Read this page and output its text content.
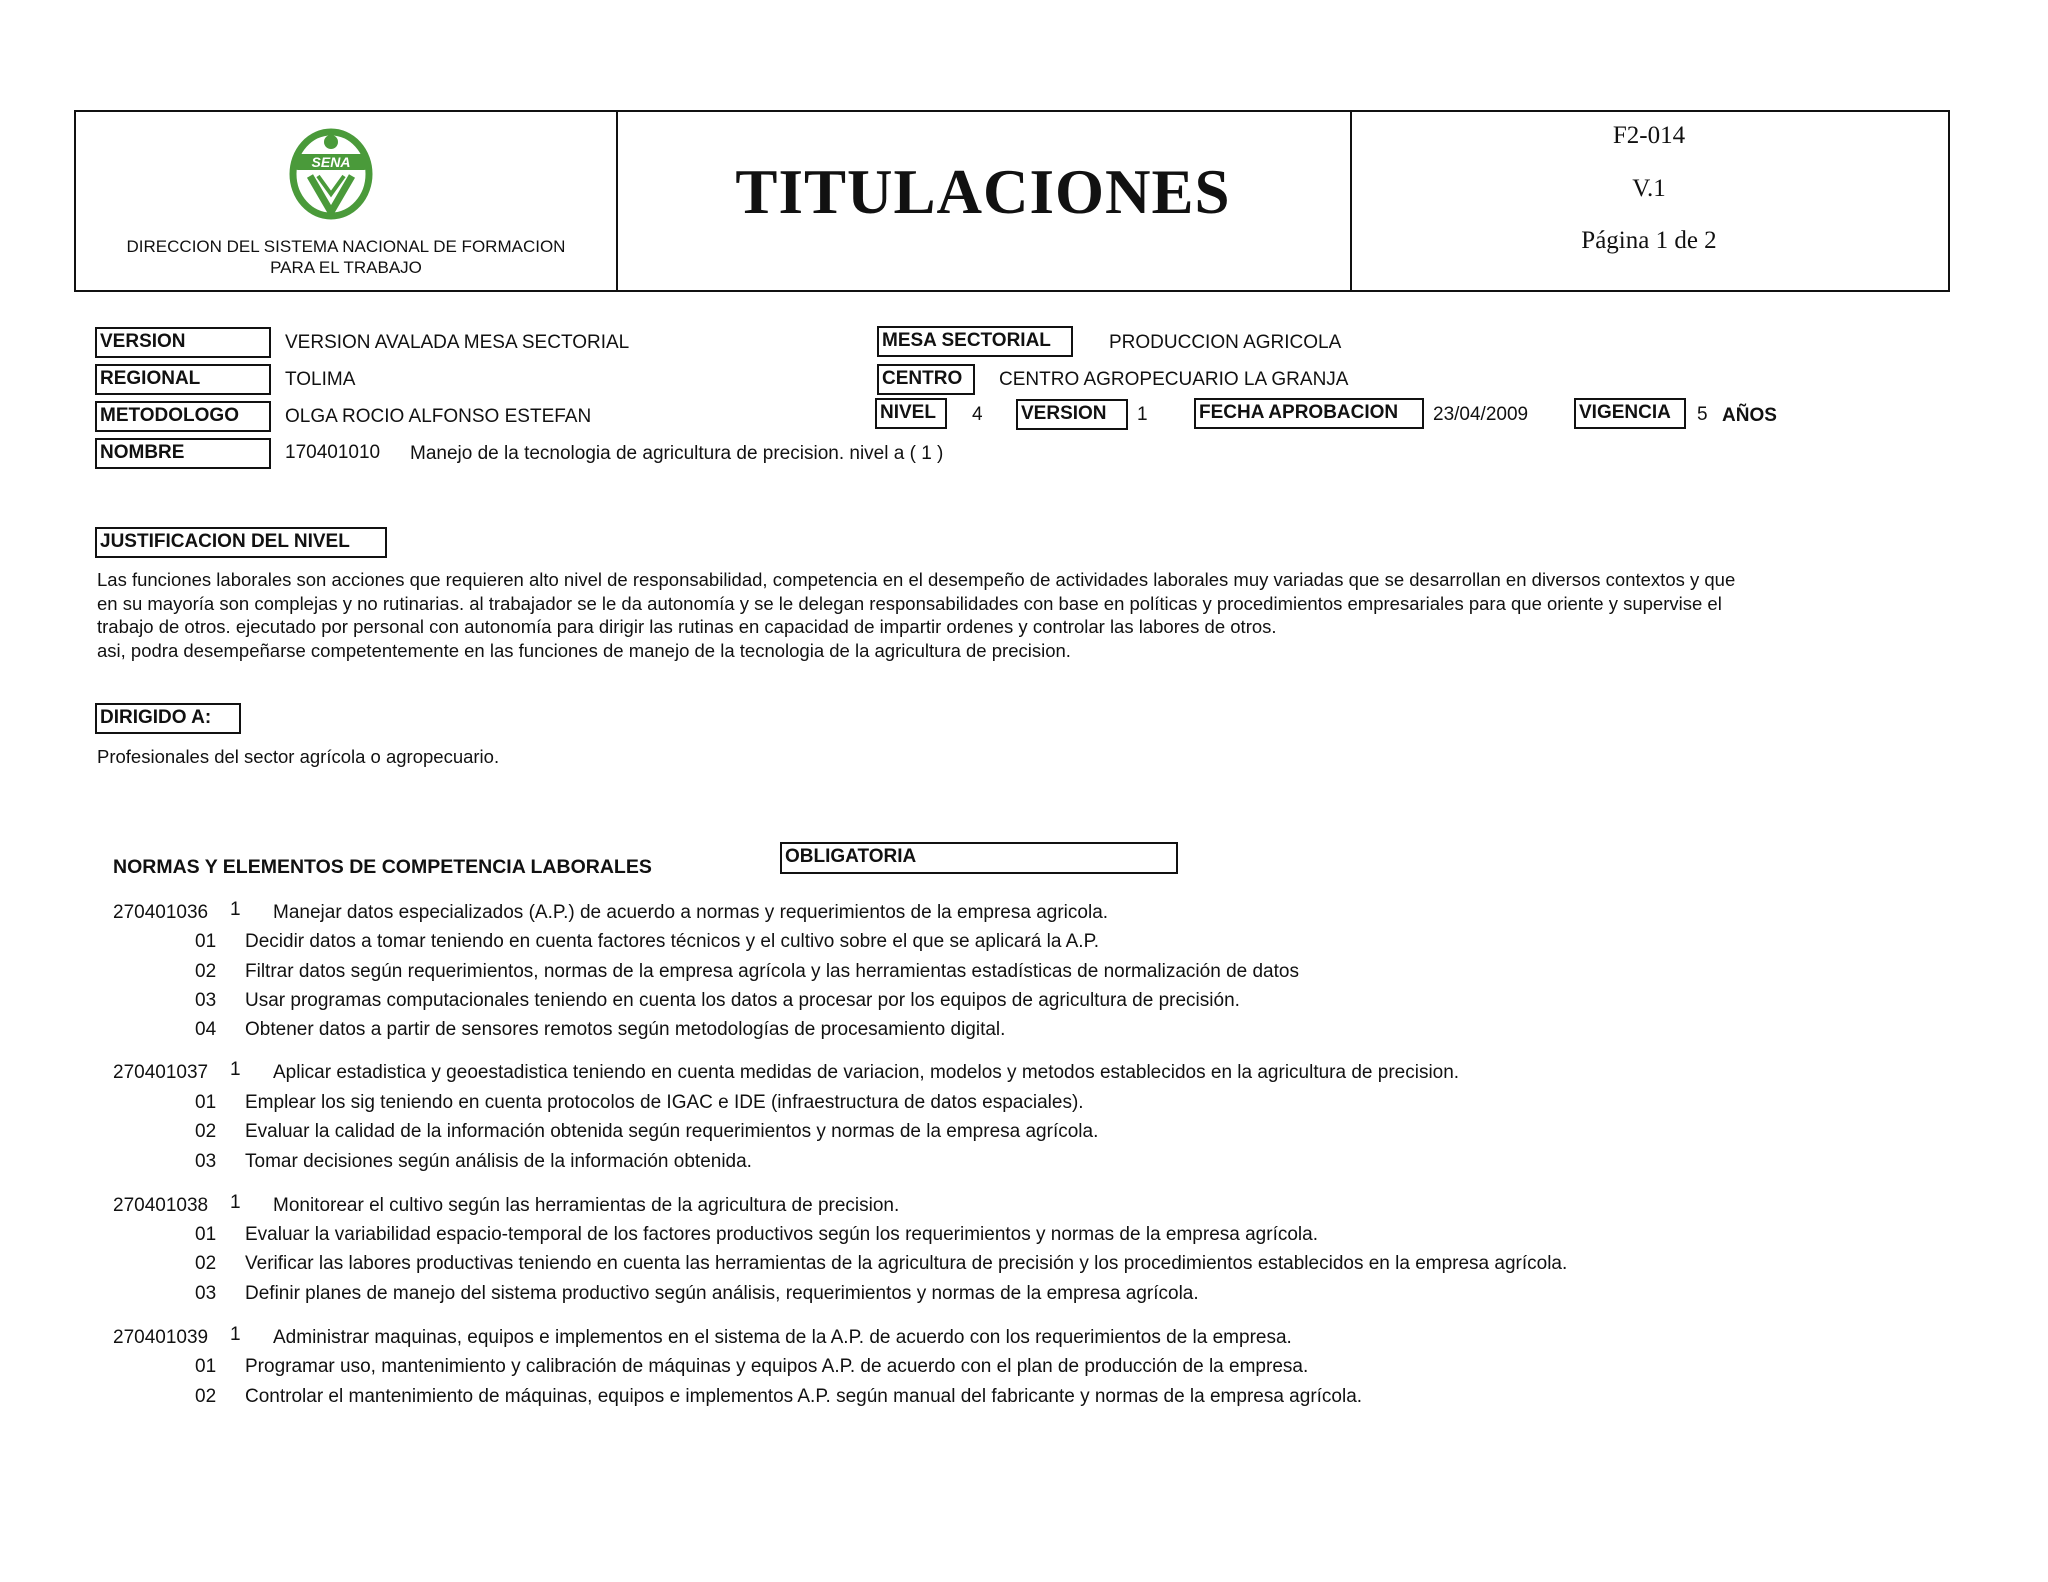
SENA
DIRECCION DEL SISTEMA NACIONAL DE FORMACION
PARA EL TRABAJO
TITULACIONES
F2-014
V.1
Página 1 de 2
VERSION	VERSION AVALADA MESA SECTORIAL	MESA SECTORIAL	PRODUCCION AGRICOLA
REGIONAL	TOLIMA	CENTRO	CENTRO AGROPECUARIO LA GRANJA
METODOLOGO	OLGA ROCIO ALFONSO ESTEFAN	NIVEL	4 VERSION	1	FECHA APROBACION	23/04/2009	VIGENCIA	5 AÑOS
NOMBRE	170401010 Manejo de la tecnologia de agricultura de precision. nivel a ( 1 )
JUSTIFICACION DEL NIVEL
Las funciones laborales son acciones que requieren alto nivel de responsabilidad, competencia en el desempeño de actividades laborales muy variadas que se desarrollan en diversos contextos y que
en su mayoría son complejas y no rutinarias. al trabajador se le da autonomía y se le delegan responsabilidades con base en políticas y procedimientos empresariales para que oriente y supervise el
trabajo de otros. ejecutado por personal con autonomía para dirigir las rutinas en capacidad de impartir ordenes y controlar las labores de otros.
asi, podra desempeñarse competentemente en las funciones de manejo de la tecnologia de la agricultura de precision.
DIRIGIDO A:
Profesionales del sector agrícola o agropecuario.
NORMAS Y ELEMENTOS DE COMPETENCIA LABORALES	OBLIGATORIA
270401036 1 Manejar datos especializados (A.P.) de acuerdo a normas y requerimientos de la empresa agricola.
01 Decidir datos a tomar teniendo en cuenta factores técnicos y el cultivo sobre el que se aplicará la A.P.
02 Filtrar datos según requerimientos, normas de la empresa agrícola y las herramientas estadísticas de normalización de datos
03 Usar programas computacionales teniendo en cuenta los datos a procesar por los equipos de agricultura de precisión.
04 Obtener datos a partir de sensores remotos según metodologías de procesamiento digital.
270401037 1 Aplicar estadistica y geoestadistica teniendo en cuenta medidas de variacion, modelos y metodos establecidos en la agricultura de precision.
01 Emplear los sig teniendo en cuenta protocolos de IGAC e IDE (infraestructura de datos espaciales).
02 Evaluar la calidad de la información obtenida según requerimientos y normas de la empresa agrícola.
03 Tomar decisiones según análisis de la información obtenida.
270401038 1 Monitorear el cultivo según las herramientas de la agricultura de precision.
01 Evaluar la variabilidad espacio-temporal de los factores productivos según los requerimientos y normas de la empresa agrícola.
02 Verificar las labores productivas teniendo en cuenta las herramientas de la agricultura de precisión y los procedimientos establecidos en la empresa agrícola.
03 Definir planes de manejo del sistema productivo según análisis, requerimientos y normas de la empresa agrícola.
270401039 1 Administrar maquinas, equipos e implementos en el sistema de la A.P. de acuerdo con los requerimientos de la empresa.
01 Programar uso, mantenimiento y calibración de máquinas y equipos A.P. de acuerdo con el plan de producción de la empresa.
02 Controlar el mantenimiento de máquinas, equipos e implementos A.P. según manual del fabricante y normas de la empresa agrícola.
